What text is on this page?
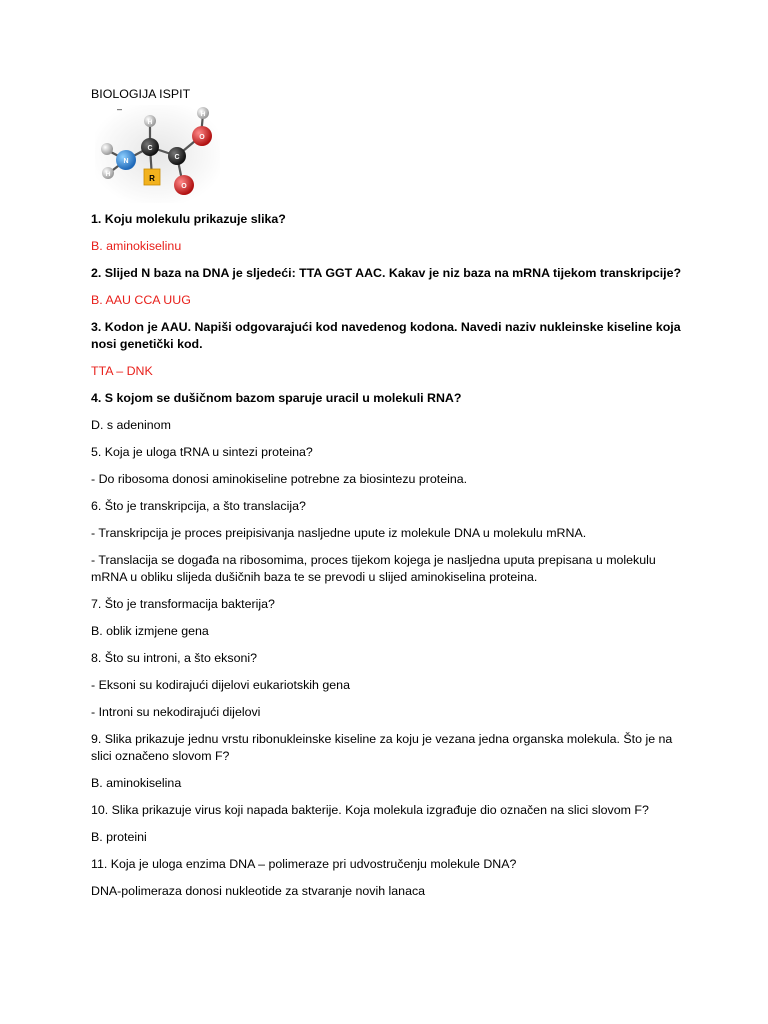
BIOLOGIJA ISPIT
–
H
H
H
O
N
C
C
R
O
1. Koju molekulu prikazuje slika?
B. aminokiselinu
2. Slijed N baza na DNA je sljedeći: TTA GGT AAC. Kakav je niz baza na mRNA tijekom transkripcije?
B. AAU CCA UUG
3. Kodon je AAU. Napiši odgovarajući kod navedenog kodona. Navedi naziv nukleinske kiseline koja nosi genetički kod.
TTA – DNK
4. S kojom se dušičnom bazom sparuje uracil u molekuli RNA?
D. s adeninom
5. Koja je uloga tRNA u sintezi proteina?
- Do ribosoma donosi aminokiseline potrebne za biosintezu proteina.
6. Što je transkripcija, a što translacija?
- Transkripcija je proces preipisivanja nasljedne upute iz molekule DNA u molekulu mRNA.
- Translacija se događa na ribosomima, proces tijekom kojega je nasljedna uputa prepisana u molekulu mRNA u obliku slijeda dušičnih baza te se prevodi u slijed aminokiselina proteina.
7. Što je transformacija bakterija?
B. oblik izmjene gena
8. Što su introni, a što eksoni?
- Eksoni su kodirajući dijelovi eukariotskih gena
- Introni su nekodirajući dijelovi
9. Slika prikazuje jednu vrstu ribonukleinske kiseline za koju je vezana jedna organska molekula. Što je na slici označeno slovom F?
B. aminokiselina
10. Slika prikazuje virus koji napada bakterije. Koja molekula izgrađuje dio označen na slici slovom F?
B. proteini
11. Koja je uloga enzima DNA – polimeraze pri udvostručenju molekule DNA?
DNA-polimeraza donosi nukleotide za stvaranje novih lanaca
